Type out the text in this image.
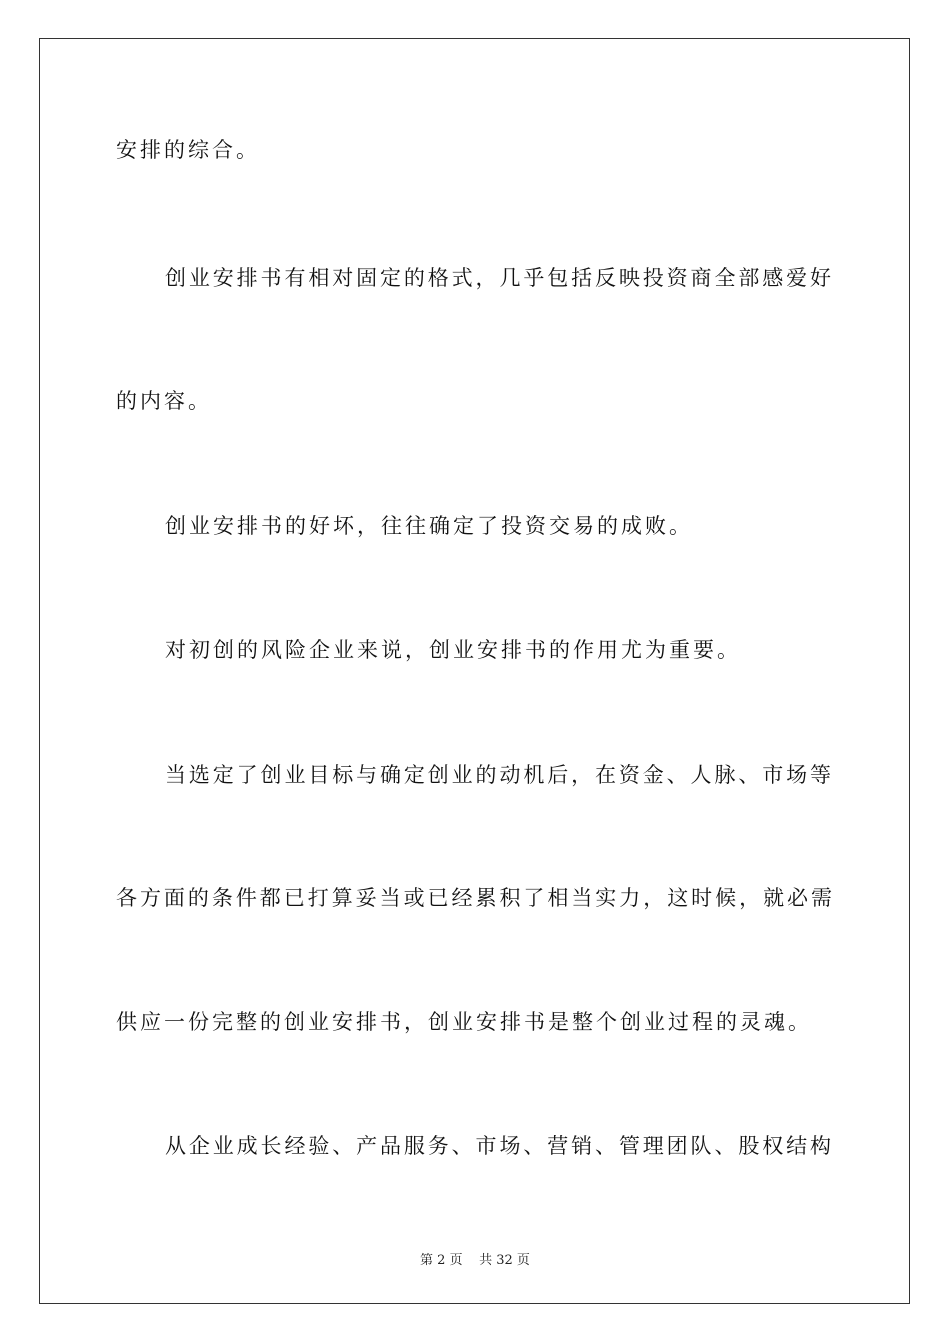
安排的综合。
创业安排书有相对固定的格式，几乎包括反映投资商全部感爱好
的内容。
创业安排书的好坏，往往确定了投资交易的成败。
对初创的风险企业来说，创业安排书的作用尤为重要。
当选定了创业目标与确定创业的动机后，在资金、人脉、市场等
各方面的条件都已打算妥当或已经累积了相当实力，这时候，就必需
供应一份完整的创业安排书，创业安排书是整个创业过程的灵魂。
从企业成长经验、产品服务、市场、营销、管理团队、股权结构
第 2 页 共 32 页
